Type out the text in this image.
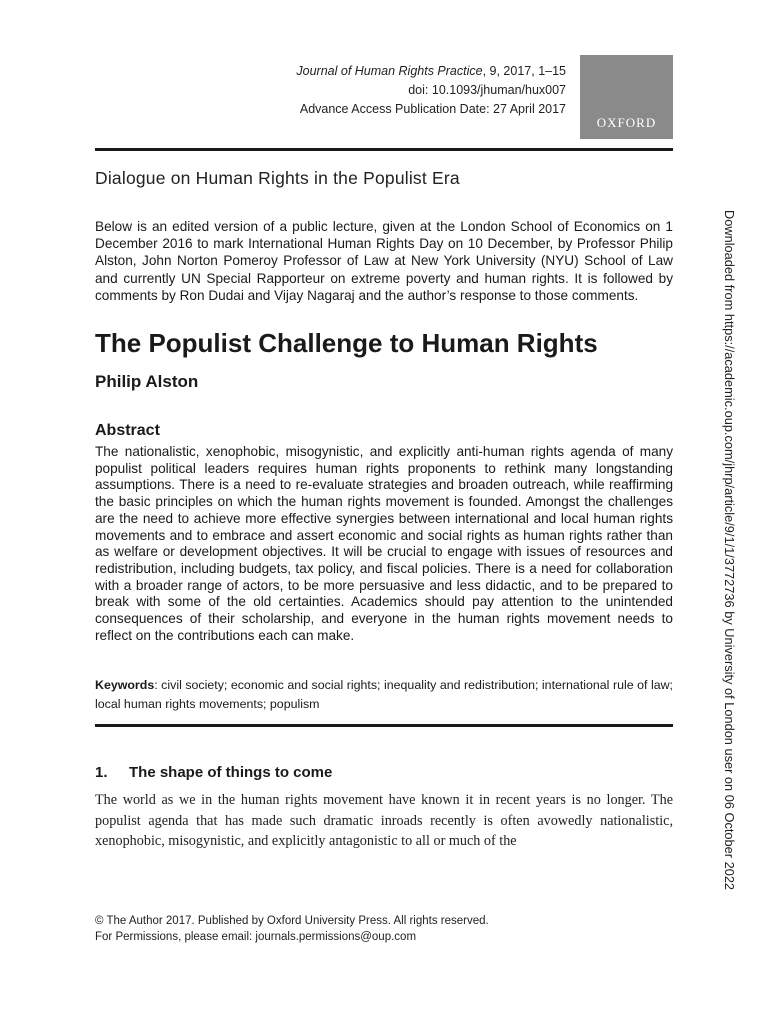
Journal of Human Rights Practice, 9, 2017, 1–15
doi: 10.1093/jhuman/hux007
Advance Access Publication Date: 27 April 2017
OXFORD
Dialogue on Human Rights in the Populist Era
Below is an edited version of a public lecture, given at the London School of Economics on 1 December 2016 to mark International Human Rights Day on 10 December, by Professor Philip Alston, John Norton Pomeroy Professor of Law at New York University (NYU) School of Law and currently UN Special Rapporteur on extreme poverty and human rights. It is followed by comments by Ron Dudai and Vijay Nagaraj and the author’s response to those comments.
The Populist Challenge to Human Rights
Philip Alston
Abstract
The nationalistic, xenophobic, misogynistic, and explicitly anti-human rights agenda of many populist political leaders requires human rights proponents to rethink many longstanding assumptions. There is a need to re-evaluate strategies and broaden outreach, while reaffirming the basic principles on which the human rights movement is founded. Amongst the challenges are the need to achieve more effective synergies between international and local human rights movements and to embrace and assert economic and social rights as human rights rather than as welfare or development objectives. It will be crucial to engage with issues of resources and redistribution, including budgets, tax policy, and fiscal policies. There is a need for collaboration with a broader range of actors, to be more persuasive and less didactic, and to be prepared to break with some of the old certainties. Academics should pay attention to the unintended consequences of their scholarship, and everyone in the human rights movement needs to reflect on the contributions each can make.
Keywords: civil society; economic and social rights; inequality and redistribution; international rule of law; local human rights movements; populism
1. The shape of things to come
The world as we in the human rights movement have known it in recent years is no longer. The populist agenda that has made such dramatic inroads recently is often avowedly nationalistic, xenophobic, misogynistic, and explicitly antagonistic to all or much of the
© The Author 2017. Published by Oxford University Press. All rights reserved.
For Permissions, please email: journals.permissions@oup.com
Downloaded from https://academic.oup.com/jhrp/article/9/1/1/3772736 by University of London user on 06 October 2022
